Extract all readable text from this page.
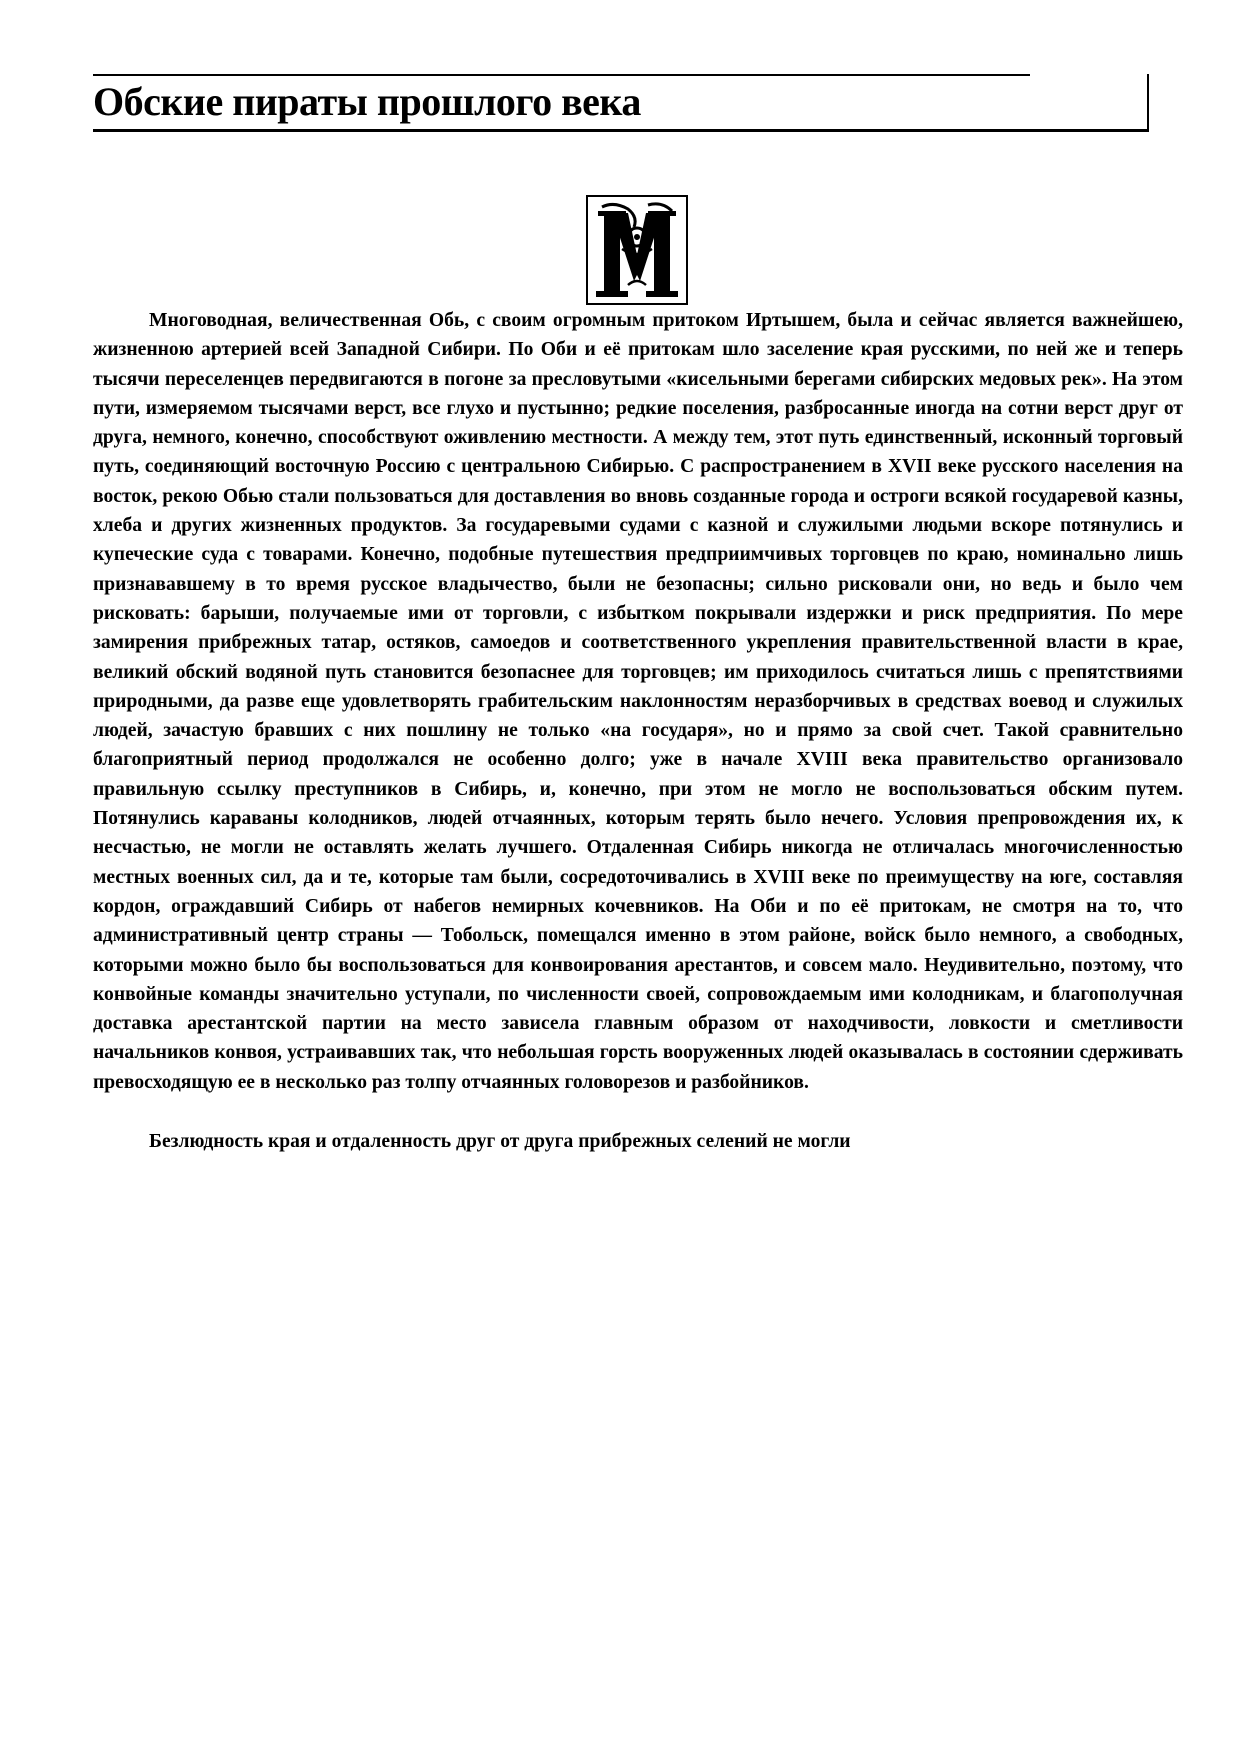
Обские пираты прошлого века
М

Многоводная, величественная Обь, с своим огромным притоком Иртышем, была и сейчас является важнейшею, жизненною артерией всей Западной Сибири. По Оби и её притокам шло заселение края русскими, по ней же и теперь тысячи переселенцев передвигаются в погоне за пресловутыми «кисельными берегами сибирских медовых рек». На этом пути, измеряемом тысячами верст, все глухо и пустынно; редкие поселения, разбросанные иногда на сотни верст друг от друга, немного, конечно, способствуют оживлению местности. А между тем, этот путь единственный, исконный торговый путь, соединяющий восточную Россию с центральною Сибирью. С распространением в XVII веке русского населения на восток, рекою Обью стали пользоваться для доставления во вновь созданные города и остроги всякой государевой казны, хлеба и других жизненных продуктов. За государевыми судами с казной и служилыми людьми вскоре потянулись и купеческие суда с товарами. Конечно, подобные путешествия предприимчивых торговцев по краю, номинально лишь признававшему в то время русское владычество, были не безопасны; сильно рисковали они, но ведь и было чем рисковать: барыши, получаемые ими от торговли, с избытком покрывали издержки и риск предприятия. По мере замирения прибрежных татар, остяков, самоедов и соответственного укрепления правительственной власти в крае, великий обский водяной путь становится безопаснее для торговцев; им приходилось считаться лишь с препятствиями природными, да разве еще удовлетворять грабительским наклонностям неразборчивых в средствах воевод и служилых людей, зачастую бравших с них пошлину не только «на государя», но и прямо за свой счет. Такой сравнительно благоприятный период продолжался не особенно долго; уже в начале XVIII века правительство организовало правильную ссылку преступников в Сибирь, и, конечно, при этом не могло не воспользоваться обским путем. Потянулись караваны колодников, людей отчаянных, которым терять было нечего. Условия препровождения их, к несчастью, не могли не оставлять желать лучшего. Отдаленная Сибирь никогда не отличалась многочисленностью местных военных сил, да и те, которые там были, сосредоточивались в XVIII веке по преимуществу на юге, составляя кордон, ограждавший Сибирь от набегов немирных кочевников. На Оби и по её притокам, не смотря на то, что административный центр страны — Тобольск, помещался именно в этом районе, войск было немного, а свободных, которыми можно было бы воспользоваться для конвоирования арестантов, и совсем мало. Неудивительно, поэтому, что конвойные команды значительно уступали, по численности своей, сопровождаемым ими колодникам, и благополучная доставка арестантской партии на место зависела главным образом от находчивости, ловкости и сметливости начальников конвоя, устраивавших так, что небольшая горсть вооруженных людей оказывалась в состоянии сдерживать превосходящую ее в несколько раз толпу отчаянных головорезов и разбойников.

Безлюдность края и отдаленность друг от друга прибрежных селений не могли
